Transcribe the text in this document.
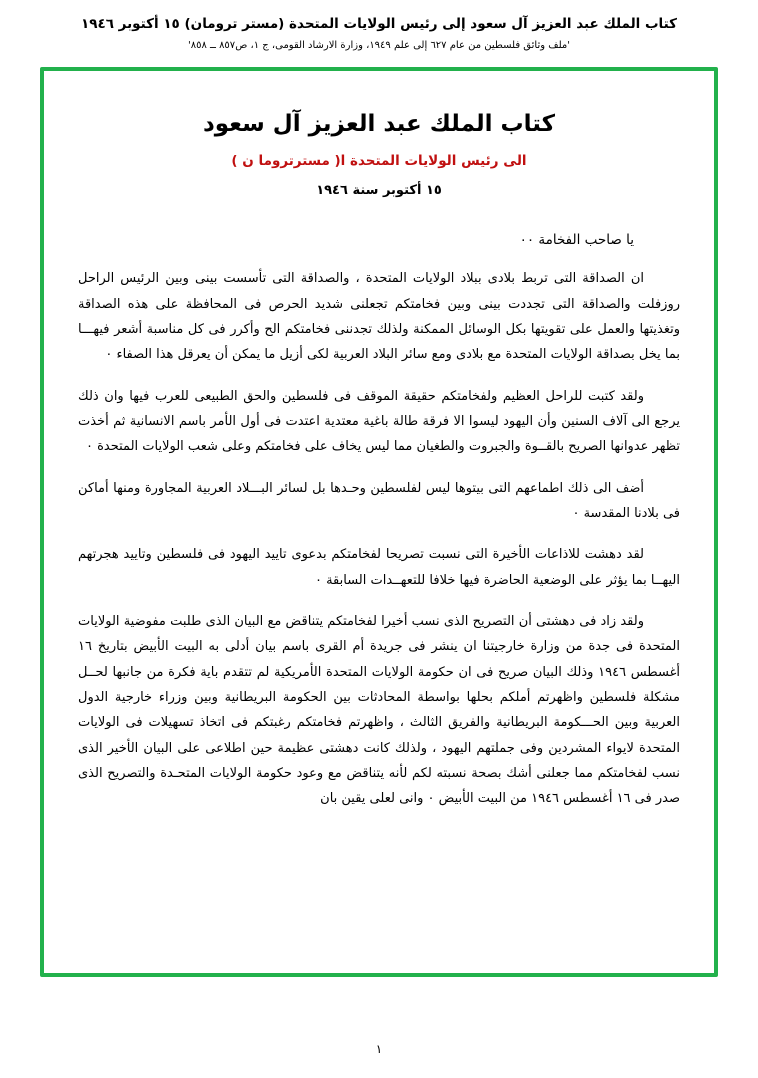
كتاب الملك عبد العزيز آل سعود إلى رئيس الولايات المتحدة (مستر ترومان) ١٥ أكتوبر ١٩٤٦
'ملف وثائق فلسطين من عام ٦٢٧ إلى علم ١٩٤٩، وزارة الارشاد القومى، ج ١، ص٨٥٧ ــ ٨٥٨'
كتاب الملك عبد العزيز آل سعود
الى رئيس الولايات المتحدة ا( مسترتروما ن )
١٥ أكتوبر سنة ١٩٤٦
يا صاحب الفخامة ٠٠

ان الصداقة التى تربط بلادى ببلاد الولايات المتحدة ، والصداقة التى تأسست بينى وبين الرئيس الراحل روزفلت والصداقة التى تجددت بينى وبين فخامتكم تجعلنى شديد الحرص فى المحافظة على هذه الصداقة وتغذيتها والعمل على تقويتها بكل الوسائل الممكنة ولذلك تجدننى فخامتكم الح وأكرر فى كل مناسبة أشعر فيهـــا بما يخل بصداقة الولايات المتحدة مع بلادى ومع سائر البلاد العربية لكى أزيل ما يمكن أن يعرقل هذا الصفاء ٠

ولقد كتبت للراحل العظيم ولفخامتكم حقيقة الموقف فى فلسطين والحق الطبيعى للعرب فيها وان ذلك يرجع الى آلاف السنين وأن اليهود ليسوا الا فرقة طالة باغية معتدية اعتدت فى أول الأمر باسم الانسانية ثم أخذت تظهر عدوانها الصريح بالقــوة والجبروت والطغيان مما ليس يخاف على فخامتكم وعلى شعب الولايات المتحدة ٠

أضف الى ذلك اطماعهم التى بيتوها ليس لفلسطين وحـدها بل لسائر البـــلاد العربية المجاورة ومنها أماكن فى بلادنا المقدسة ٠

لقد دهشت للاذاعات الأخيرة التى نسبت تصريحا لفخامتكم بدعوى تاييد اليهود فى فلسطين وتاييد هجرتهم اليهــا بما يؤثر على الوضعية الحاضرة فيها خلافا للتعهــدات السابقة ٠

ولقد زاد فى دهشتى أن التصريح الذى نسب أخيرا لفخامتكم يتناقض مع البيان الذى طلبت مفوضية الولايات المتحدة فى جدة من وزارة خارجيتنا ان ينشر فى جريدة أم القرى باسم بيان أدلى به البيت الأبيض بتاريخ ١٦ أغسطس ١٩٤٦ وذلك البيان صريح فى ان حكومة الولايات المتحدة الأمريكية لم تتقدم باية فكرة من جانبها لحــل مشكلة فلسطين واظهرتم أملكم بحلها بواسطة المحادثات بين الحكومة البريطانية وبين وزراء خارجية الدول العربية وبين الحـــكومة البريطانية والفريق الثالث ، واظهرتم فخامتكم رغبتكم فى اتخاذ تسهيلات فى الولايات المتحدة لايواء المشردين وفى جملتهم اليهود ، ولذلك كانت دهشتى عظيمة حين اطلاعى على البيان الأخير الذى نسب لفخامتكم مما جعلنى أشك بصحة نسبته لكم لأنه يتناقض مع وعود حكومة الولايات المتحـدة والتصريح الذى صدر فى ١٦ أغسطس ١٩٤٦ من البيت الأبيض ٠ وانى لعلى يقين بان

١
